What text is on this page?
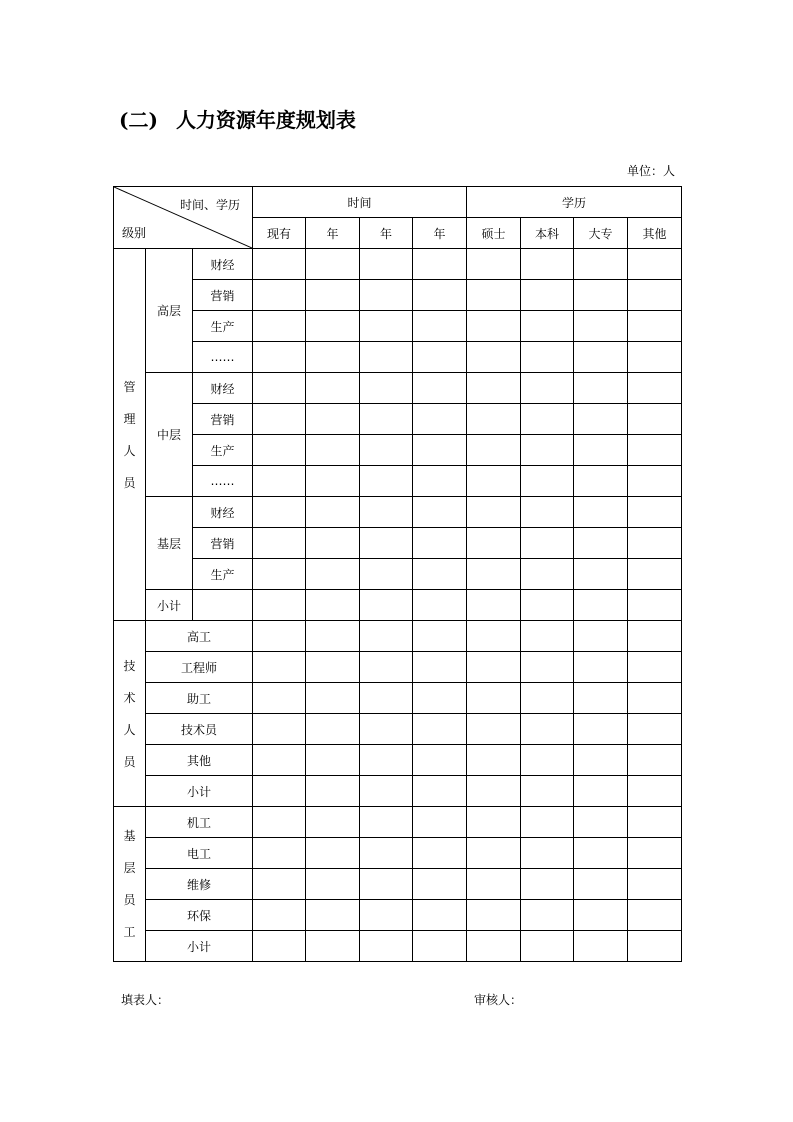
(二) 人力资源年度规划表
单位：人
时间、学历
级别			时间				学历			
			现有	年	年	年	硕士	本科	大专	其他

管
理
人
员	高层	财经								
		营销								
		生产								
		……								
	中层	财经								
		营销								
		生产								
		……								
	基层	财经								
		营销								
		生产								
	小计									

技
术
人
员	高工									
	工程师									
	助工									
	技术员									
	其他									
	小计									

基
层
员
工	机工									
	电工									
	维修									
	环保									
	小计									
填表人：	审核人：
